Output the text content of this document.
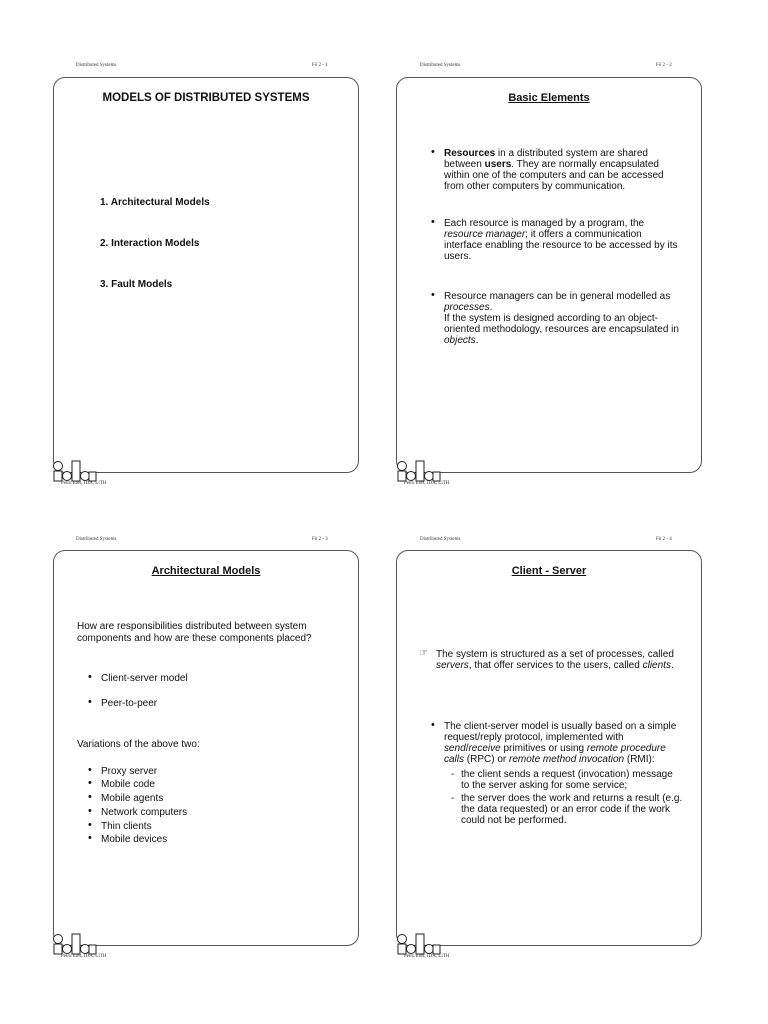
Distributed Systems	Fö 2 - 1	Distributed Systems	Fö 2 - 2
Distributed Systems	Fö 2 - 3	Distributed Systems	Fö 2 - 4
MODELS OF DISTRIBUTED SYSTEMS
1. Architectural Models
2. Interaction Models
3. Fault Models
Basic Elements
• Resources in a distributed system are shared between users. They are normally encapsulated within one of the computers and can be accessed from other computers by communication.
• Each resource is managed by a program, the resource manager; it offers a communication interface enabling the resource to be accessed by its users.
• Resource managers can be in general modelled as processes.
If the system is designed according to an object-oriented methodology, resources are encapsulated in objects.
Architectural Models
How are responsibilities distributed between system components and how are these components placed?
• Client-server model
• Peer-to-peer
Variations of the above two:
• Proxy server
• Mobile code
• Mobile agents
• Network computers
• Thin clients
• Mobile devices
Client - Server
☞ The system is structured as a set of processes, called servers, that offer services to the users, called clients.
• The client-server model is usually based on a simple request/reply protocol, implemented with send/receive primitives or using remote procedure calls (RPC) or remote method invocation (RMI):
- the client sends a request (invocation) message to the server asking for some service;
- the server does the work and returns a result (e.g. the data requested) or an error code if the work could not be performed.
Petru Eles, IDA, LiTH	Petru Eles, IDA, LiTH
Petru Eles, IDA, LiTH	Petru Eles, IDA, LiTH
